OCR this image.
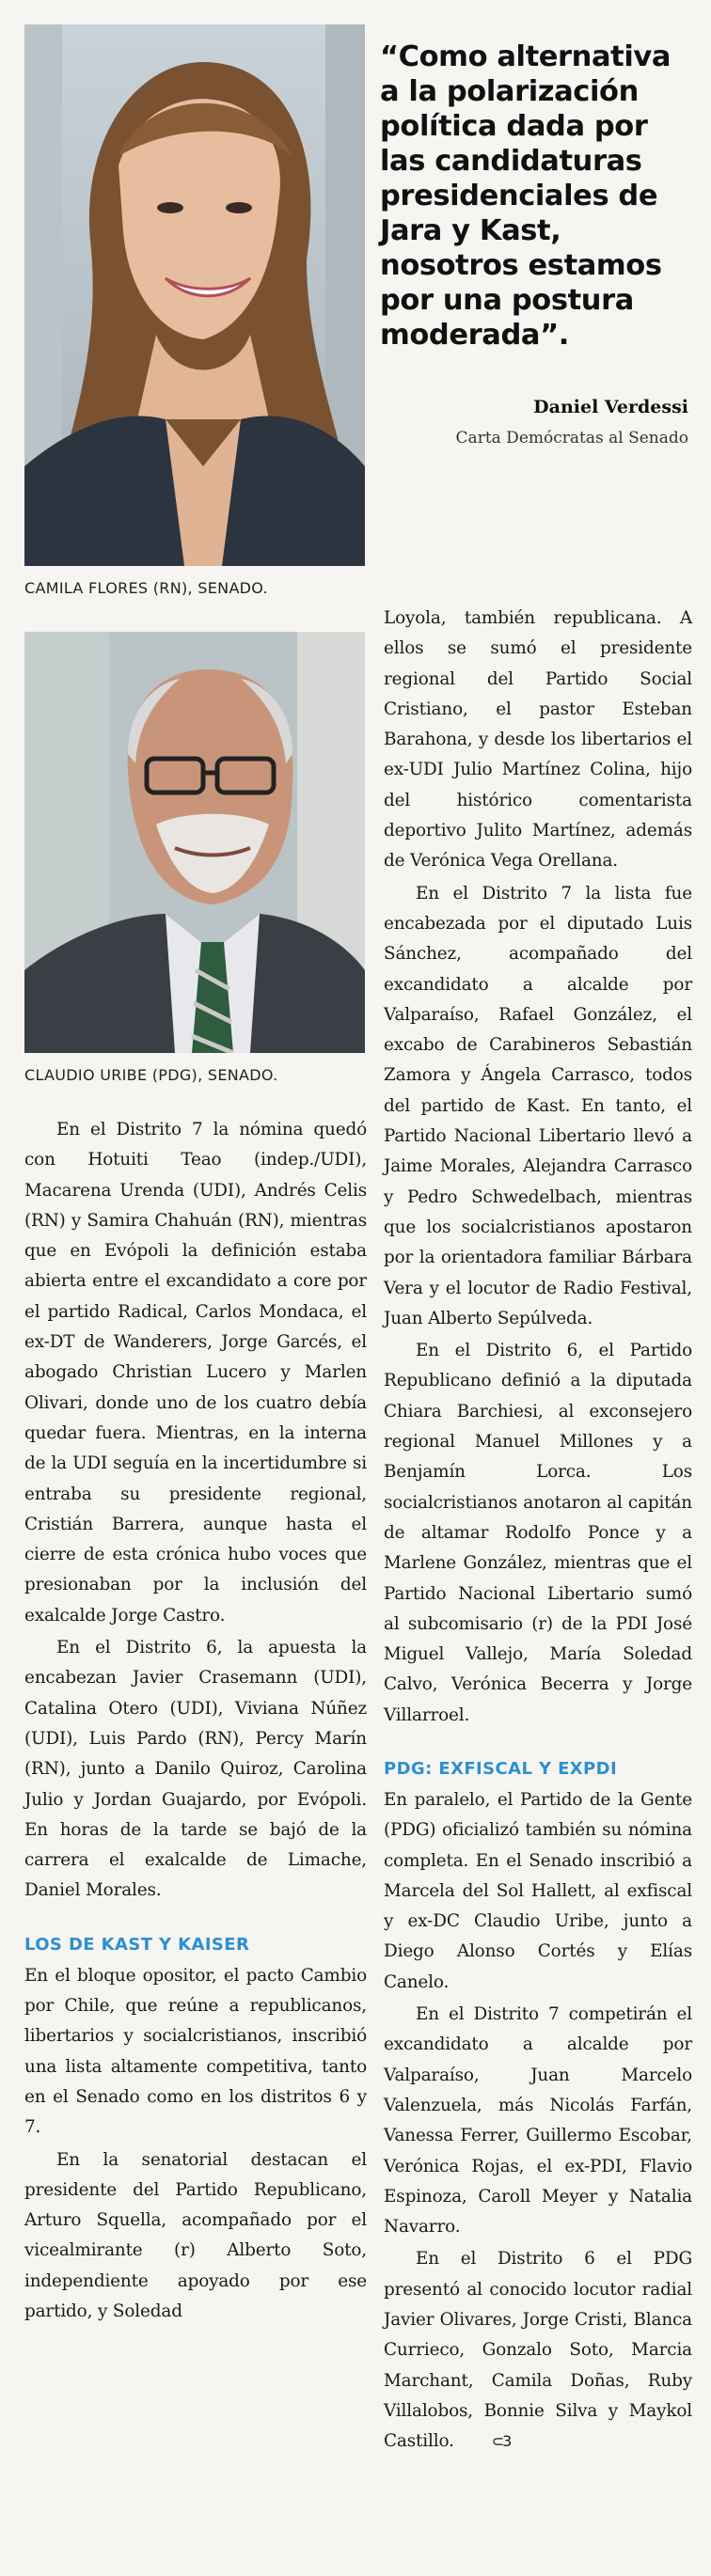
CAMILA FLORES (RN), SENADO.
“Como alternativa a la polarización política dada por las candidaturas presidenciales de Jara y Kast, nosotros estamos por una postura moderada”.
Daniel Verdessi
Carta Demócratas al Senado
CLAUDIO URIBE (PDG), SENADO.

En el Distrito 7 la nómina quedó con Hotuiti Teao (indep./UDI), Macarena Urenda (UDI), Andrés Celis (RN) y Samira Chahuán (RN), mientras que en Evópoli la definición estaba abierta entre el excandidato a core por el partido Radical, Carlos Mondaca, el ex-DT de Wanderers, Jorge Garcés, el abogado Christian Lucero y Marlen Olivari, donde uno de los cuatro debía quedar fuera. Mientras, en la interna de la UDI seguía en la incertidumbre si entraba su presidente regional, Cristián Barrera, aunque hasta el cierre de esta crónica hubo voces que presionaban por la inclusión del exalcalde Jorge Castro.

En el Distrito 6, la apuesta la encabezan Javier Crasemann (UDI), Catalina Otero (UDI), Viviana Núñez (UDI), Luis Pardo (RN), Percy Marín (RN), junto a Danilo Quiroz, Carolina Julio y Jordan Guajardo, por Evópoli. En horas de la tarde se bajó de la carrera el exalcalde de Limache, Daniel Morales.

LOS DE KAST Y KAISER

En el bloque opositor, el pacto Cambio por Chile, que reúne a republicanos, libertarios y socialcristianos, inscribió una lista altamente competitiva, tanto en el Senado como en los distritos 6 y 7.

En la senatorial destacan el presidente del Partido Republicano, Arturo Squella, acompañado por el vicealmirante (r) Alberto Soto, independiente apoyado por ese partido, y Soledad

Loyola, también republicana. A ellos se sumó el presidente regional del Partido Social Cristiano, el pastor Esteban Barahona, y desde los libertarios el ex-UDI Julio Martínez Colina, hijo del histórico comentarista deportivo Julito Martínez, además de Verónica Vega Orellana.

En el Distrito 7 la lista fue encabezada por el diputado Luis Sánchez, acompañado del excandidato a alcalde por Valparaíso, Rafael González, el excabo de Carabineros Sebastián Zamora y Ángela Carrasco, todos del partido de Kast. En tanto, el Partido Nacional Libertario llevó a Jaime Morales, Alejandra Carrasco y Pedro Schwedelbach, mientras que los socialcristianos apostaron por la orientadora familiar Bárbara Vera y el locutor de Radio Festival, Juan Alberto Sepúlveda.

En el Distrito 6, el Partido Republicano definió a la diputada Chiara Barchiesi, al exconsejero regional Manuel Millones y a Benjamín Lorca. Los socialcristianos anotaron al capitán de altamar Rodolfo Ponce y a Marlene González, mientras que el Partido Nacional Libertario sumó al subcomisario (r) de la PDI José Miguel Vallejo, María Soledad Calvo, Verónica Becerra y Jorge Villarroel.

PDG: EXFISCAL Y EXPDI

En paralelo, el Partido de la Gente (PDG) oficializó también su nómina completa. En el Senado inscribió a Marcela del Sol Hallett, al exfiscal y ex-DC Claudio Uribe, junto a Diego Alonso Cortés y Elías Canelo.

En el Distrito 7 competirán el excandidato a alcalde por Valparaíso, Juan Marcelo Valenzuela, más Nicolás Farfán, Vanessa Ferrer, Guillermo Escobar, Verónica Rojas, el ex-PDI, Flavio Espinoza, Caroll Meyer y Natalia Navarro.

En el Distrito 6 el PDG presentó al conocido locutor radial Javier Olivares, Jorge Cristi, Blanca Currieco, Gonzalo Soto, Marcia Marchant, Camila Doñas, Ruby Villalobos, Bonnie Silva y Maykol Castillo.	⊂3
